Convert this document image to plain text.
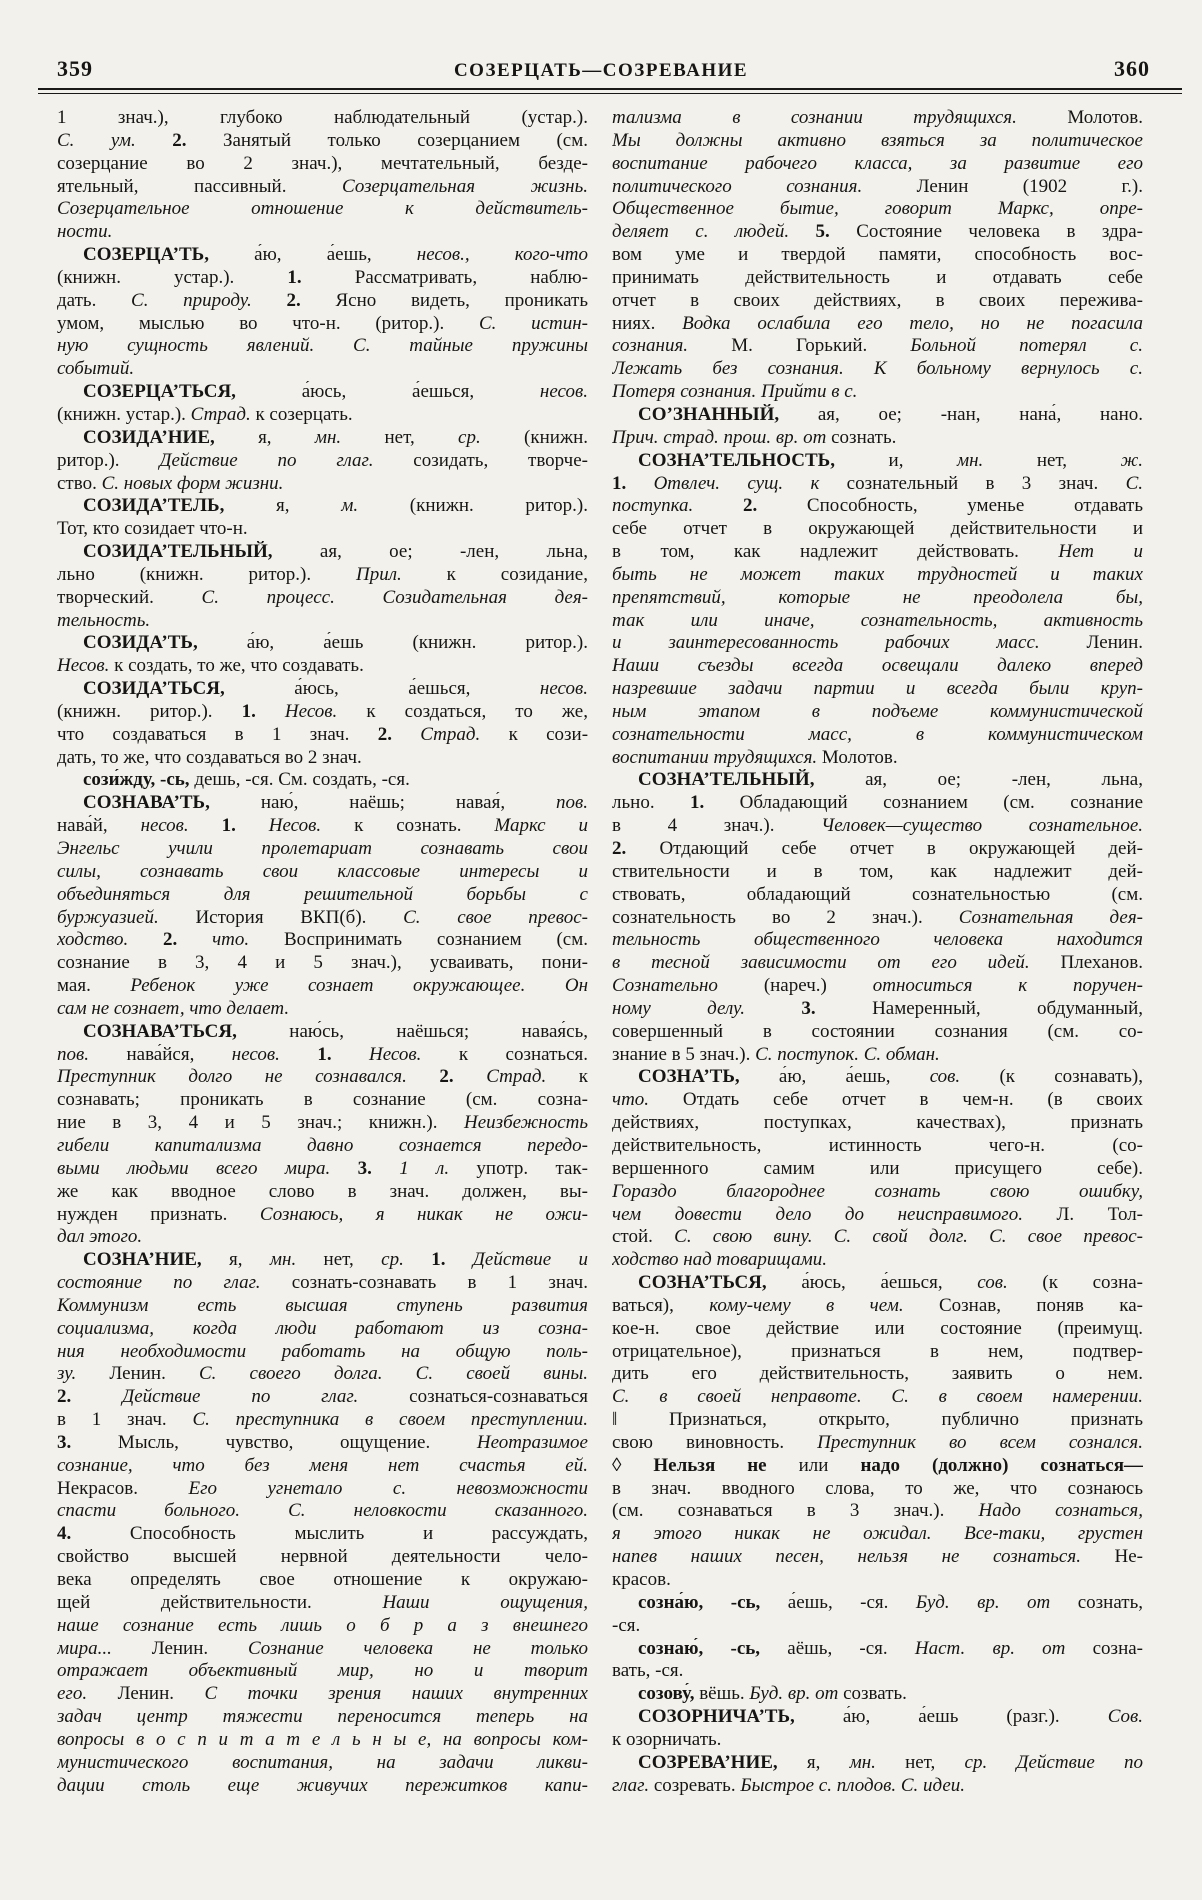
359	СОЗЕРЦАТЬ—СОЗРЕВАНИЕ	360
1 знач.), глубоко наблюдательный (устар.).
С. ум. 2. Занятый только созерцанием (см.
созерцание во 2 знач.), мечтательный, безде-
ятельный, пассивный. Созерцательная жизнь.
Созерцательное отношение к действитель-
ности.
СОЗЕРЦА’ТЬ, а́ю, а́ешь, несов., кого-что
(книжн. устар.). 1. Рассматривать, наблю-
дать. С. природу. 2. Ясно видеть, проникать
умом, мыслью во что-н. (ритор.). С. истин-
ную сущность явлений. С. тайные пружины
событий.
СОЗЕРЦА’ТЬСЯ, а́юсь, а́ешься, несов.
(книжн. устар.). Страд. к созерцать.
СОЗИДА’НИЕ, я, мн. нет, ср. (книжн.
ритор.). Действие по глаг. созидать, творче-
ство. С. новых форм жизни.
СОЗИДА’ТЕЛЬ, я, м. (книжн. ритор.).
Тот, кто созидает что-н.
СОЗИДА’ТЕЛЬНЫЙ, ая, ое; -лен, льна,
льно (книжн. ритор.). Прил. к созидание,
творческий. С. процесс. Созидательная дея-
тельность.
СОЗИДА’ТЬ, а́ю, а́ешь (книжн. ритор.).
Несов. к создать, то же, что создавать.
СОЗИДА’ТЬСЯ, а́юсь, а́ешься, несов.
(книжн. ритор.). 1. Несов. к создаться, то же,
что создаваться в 1 знач. 2. Страд. к сози-
дать, то же, что создаваться во 2 знач.
сози́жду, -сь, дешь, -ся. См. создать, -ся.
СОЗНАВА’ТЬ, наю́, наёшь; навая́, пов.
нава́й, несов. 1. Несов. к сознать. Маркс и
Энгельс учили пролетариат сознавать свои
силы, сознавать свои классовые интересы и
объединяться для решительной борьбы с
буржуазией. История ВКП(б). С. свое превос-
ходство. 2. что. Воспринимать сознанием (см.
сознание в 3, 4 и 5 знач.), усваивать, пони-
мая. Ребенок уже сознает окружающее. Он
сам не сознает, что делает.
СОЗНАВА’ТЬСЯ, наю́сь, наёшься; навая́сь,
пов. нава́йся, несов. 1. Несов. к сознаться.
Преступник долго не сознавался. 2. Страд. к
сознавать; проникать в сознание (см. созна-
ние в 3, 4 и 5 знач.; книжн.). Неизбежность
гибели капитализма давно сознается передо-
выми людьми всего мира. 3. 1 л. употр. так-
же как вводное слово в знач. должен, вы-
нужден признать. Сознаюсь, я никак не ожи-
дал этого.
СОЗНА’НИЕ, я, мн. нет, ср. 1. Действие и
состояние по глаг. сознать-сознавать в 1 знач.
Коммунизм есть высшая ступень развития
социализма, когда люди работают из созна-
ния необходимости работать на общую поль-
зу. Ленин. С. своего долга. С. своей вины.
2. Действие по глаг. сознаться-сознаваться
в 1 знач. С. преступника в своем преступлении.
3. Мысль, чувство, ощущение. Неотразимое
сознание, что без меня нет счастья ей.
Некрасов. Его угнетало с. невозможности
спасти больного. С. неловкости сказанного.
4. Способность мыслить и рассуждать,
свойство высшей нервной деятельности чело-
века определять свое отношение к окружаю-
щей действительности. Наши ощущения,
наше сознание есть лишь о б р а з внешнего
мира... Ленин. Сознание человека не только
отражает объективный мир, но и творит
его. Ленин. С точки зрения наших внутренних
задач центр тяжести переносится теперь на
вопросы в о с п и т а т е л ь н ы е, на вопросы ком-
мунистического воспитания, на задачи ликви-
дации столь еще живучих пережитков капи-
тализма в сознании трудящихся. Молотов.
Мы должны активно взяться за политическое
воспитание рабочего класса, за развитие его
политического сознания. Ленин (1902 г.).
Общественное бытие, говорит Маркс, опре-
деляет с. людей. 5. Состояние человека в здра-
вом уме и твердой памяти, способность вос-
принимать действительность и отдавать себе
отчет в своих действиях, в своих пережива-
ниях. Водка ослабила его тело, но не погасила
сознания. М. Горький. Больной потерял с.
Лежать без сознания. К больному вернулось с.
Потеря сознания. Прийти в с.
СО’ЗНАННЫЙ, ая, ое; -нан, нана́, нано.
Прич. страд. прош. вр. от сознать.
СОЗНА’ТЕЛЬНОСТЬ, и, мн. нет, ж.
1. Отвлеч. сущ. к сознательный в 3 знач. С.
поступка. 2. Способность, уменье отдавать
себе отчет в окружающей действительности и
в том, как надлежит действовать. Нет и
быть не может таких трудностей и таких
препятствий, которые не преодолела бы,
так или иначе, сознательность, активность
и заинтересованность рабочих масс. Ленин.
Наши съезды всегда освещали далеко вперед
назревшие задачи партии и всегда были круп-
ным этапом в подъеме коммунистической
сознательности масс, в коммунистическом
воспитании трудящихся. Молотов.
СОЗНА’ТЕЛЬНЫЙ, ая, ое; -лен, льна,
льно. 1. Обладающий сознанием (см. сознание
в 4 знач.). Человек—существо сознательное.
2. Отдающий себе отчет в окружающей дей-
ствительности и в том, как надлежит дей-
ствовать, обладающий сознательностью (см.
сознательность во 2 знач.). Сознательная дея-
тельность общественного человека находится
в тесной зависимости от его идей. Плеханов.
Сознательно (нареч.) относиться к поручен-
ному делу. 3. Намеренный, обдуманный,
совершенный в состоянии сознания (см. со-
знание в 5 знач.). С. поступок. С. обман.
СОЗНА’ТЬ, а́ю, а́ешь, сов. (к сознавать),
что. Отдать себе отчет в чем-н. (в своих
действиях, поступках, качествах), признать
действительность, истинность чего-н. (со-
вершенного самим или присущего себе).
Гораздо благороднее сознать свою ошибку,
чем довести дело до неисправимого. Л. Тол-
стой. С. свою вину. С. свой долг. С. свое превос-
ходство над товарищами.
СОЗНА’ТЬСЯ, а́юсь, а́ешься, сов. (к созна-
ваться), кому-чему в чем. Сознав, поняв ка-
кое-н. свое действие или состояние (преимущ.
отрицательное), признаться в нем, подтвер-
дить его действительность, заявить о нем.
С. в своей неправоте. С. в своем намерении.
‖ Признаться, открыто, публично признать
свою виновность. Преступник во всем сознался.
◊ Нельзя не или надо (должно) сознаться—
в знач. вводного слова, то же, что сознаюсь
(см. сознаваться в 3 знач.). Надо сознаться,
я этого никак не ожидал. Все-таки, грустен
напев наших песен, нельзя не сознаться. Не-
красов.
созна́ю, -сь, а́ешь, -ся. Буд. вр. от сознать,
-ся.
сознаю́, -сь, аёшь, -ся. Наст. вр. от созна-
вать, -ся.
созову́, вёшь. Буд. вр. от созвать.
СОЗОРНИЧА’ТЬ, а́ю, а́ешь (разг.). Сов.
к озорничать.
СОЗРЕВА’НИЕ, я, мн. нет, ср. Действие по
глаг. созревать. Быстрое с. плодов. С. идеи.
